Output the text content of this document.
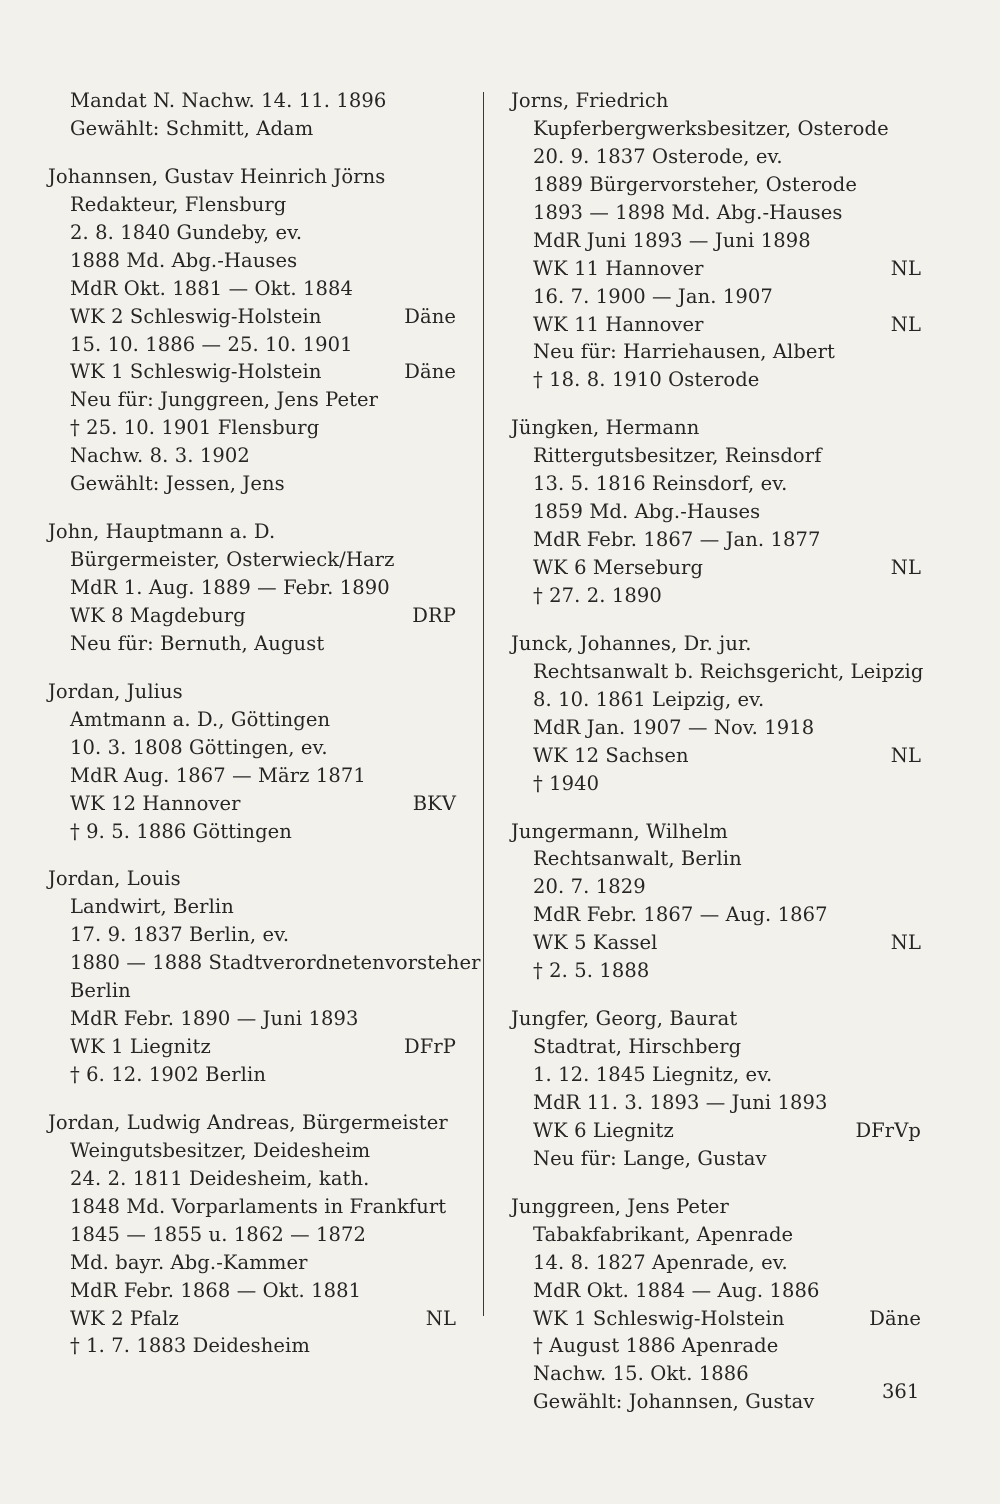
Mandat N. Nachw. 14. 11. 1896
Gewählt: Schmitt, Adam
Johannsen, Gustav Heinrich Jörns
Redakteur, Flensburg
2. 8. 1840 Gundeby, ev.
1888 Md. Abg.-Hauses
MdR Okt. 1881 — Okt. 1884
WK 2 Schleswig-Holstein	Däne
15. 10. 1886 — 25. 10. 1901
WK 1 Schleswig-Holstein	Däne
Neu für: Junggreen, Jens Peter
† 25. 10. 1901 Flensburg
Nachw. 8. 3. 1902
Gewählt: Jessen, Jens
John, Hauptmann a. D.
Bürgermeister, Osterwieck/Harz
MdR 1. Aug. 1889 — Febr. 1890
WK 8 Magdeburg	DRP
Neu für: Bernuth, August
Jordan, Julius
Amtmann a. D., Göttingen
10. 3. 1808 Göttingen, ev.
MdR Aug. 1867 — März 1871
WK 12 Hannover	BKV
† 9. 5. 1886 Göttingen
Jordan, Louis
Landwirt, Berlin
17. 9. 1837 Berlin, ev.
1880 — 1888 Stadtverordnetenvorsteher
Berlin
MdR Febr. 1890 — Juni 1893
WK 1 Liegnitz	DFrP
† 6. 12. 1902 Berlin
Jordan, Ludwig Andreas, Bürgermeister
Weingutsbesitzer, Deidesheim
24. 2. 1811 Deidesheim, kath.
1848 Md. Vorparlaments in Frankfurt
1845 — 1855 u. 1862 — 1872
Md. bayr. Abg.-Kammer
MdR Febr. 1868 — Okt. 1881
WK 2 Pfalz	NL
† 1. 7. 1883 Deidesheim
Jorns, Friedrich
Kupferbergwerksbesitzer, Osterode
20. 9. 1837 Osterode, ev.
1889 Bürgervorsteher, Osterode
1893 — 1898 Md. Abg.-Hauses
MdR Juni 1893 — Juni 1898
WK 11 Hannover	NL
16. 7. 1900 — Jan. 1907
WK 11 Hannover	NL
Neu für: Harriehausen, Albert
† 18. 8. 1910 Osterode
Jüngken, Hermann
Rittergutsbesitzer, Reinsdorf
13. 5. 1816 Reinsdorf, ev.
1859 Md. Abg.-Hauses
MdR Febr. 1867 — Jan. 1877
WK 6 Merseburg	NL
† 27. 2. 1890
Junck, Johannes, Dr. jur.
Rechtsanwalt b. Reichsgericht, Leipzig
8. 10. 1861 Leipzig, ev.
MdR Jan. 1907 — Nov. 1918
WK 12 Sachsen	NL
† 1940
Jungermann, Wilhelm
Rechtsanwalt, Berlin
20. 7. 1829
MdR Febr. 1867 — Aug. 1867
WK 5 Kassel	NL
† 2. 5. 1888
Jungfer, Georg, Baurat
Stadtrat, Hirschberg
1. 12. 1845 Liegnitz, ev.
MdR 11. 3. 1893 — Juni 1893
WK 6 Liegnitz	DFrVp
Neu für: Lange, Gustav
Junggreen, Jens Peter
Tabakfabrikant, Apenrade
14. 8. 1827 Apenrade, ev.
MdR Okt. 1884 — Aug. 1886
WK 1 Schleswig-Holstein	Däne
† August 1886 Apenrade
Nachw. 15. Okt. 1886
Gewählt: Johannsen, Gustav	361
